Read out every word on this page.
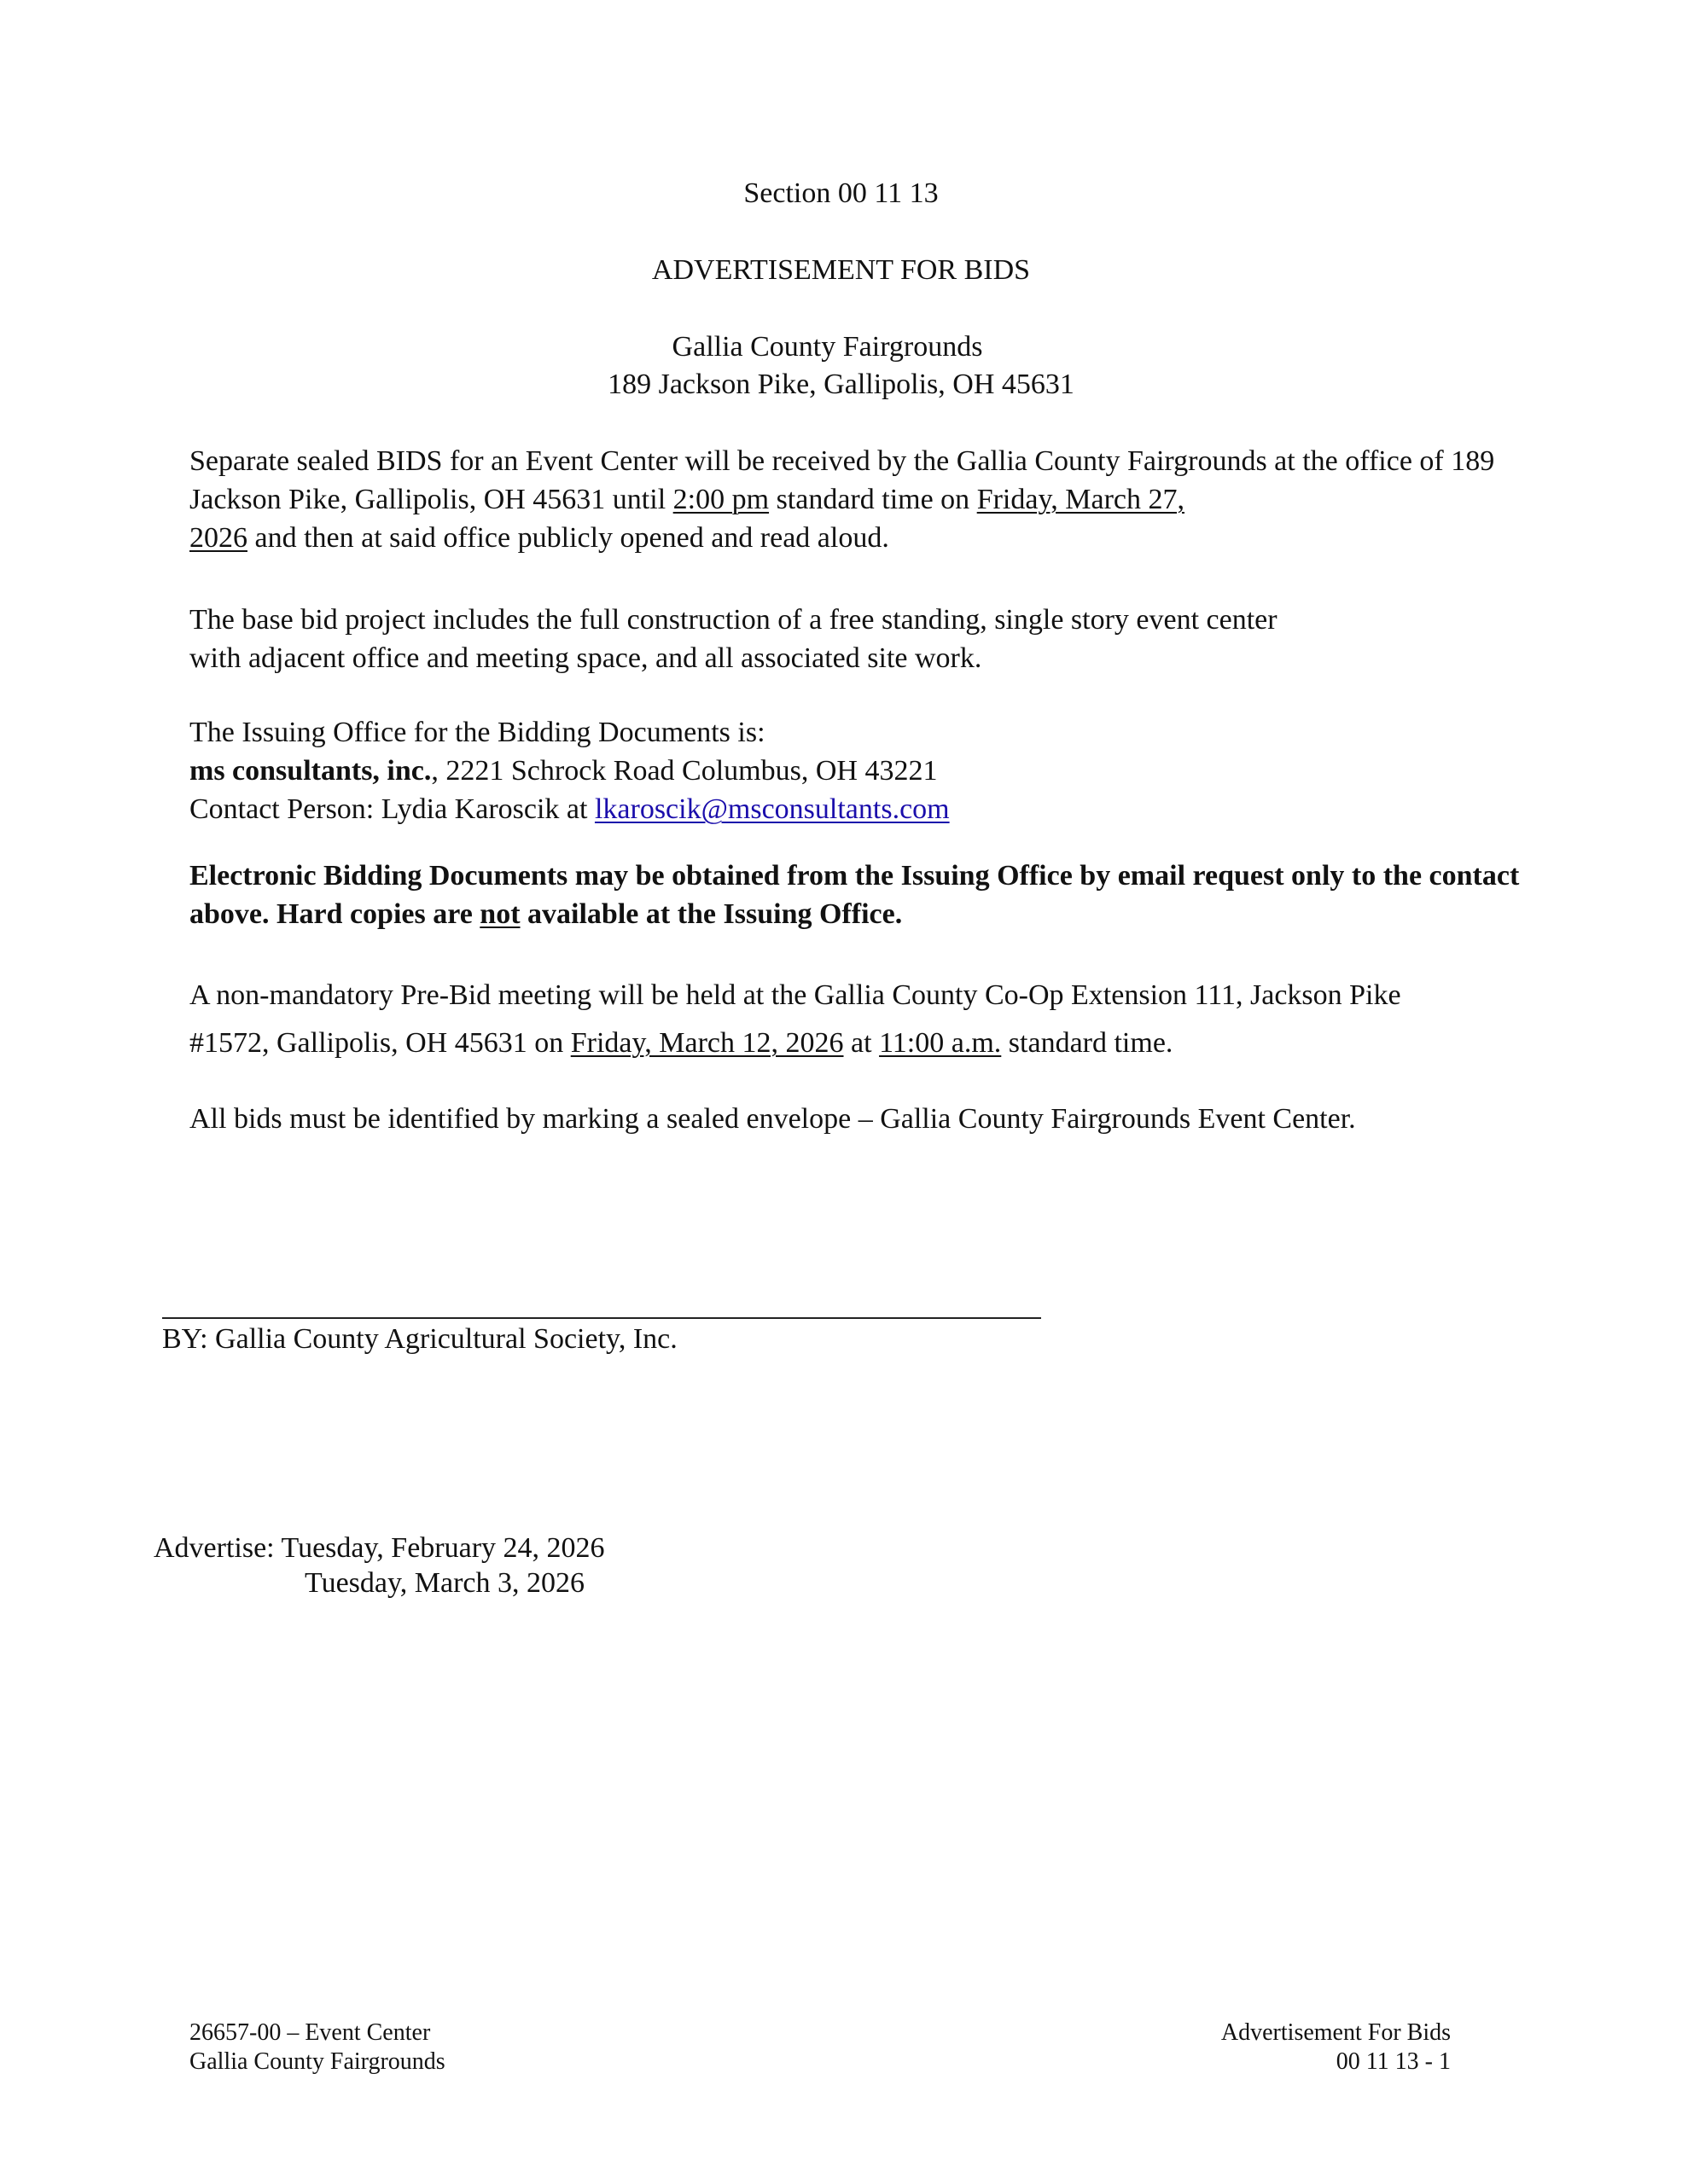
Section 00 11 13
ADVERTISEMENT FOR BIDS
Gallia County Fairgrounds
189 Jackson Pike, Gallipolis, OH 45631

Separate sealed BIDS for an Event Center will be received by the Gallia County Fairgrounds at the office of 189 Jackson Pike, Gallipolis, OH 45631 until 2:00 pm standard time on Friday, March 27,
2026 and then at said office publicly opened and read aloud.

The base bid project includes the full construction of a free standing, single story event center

with adjacent office and meeting space, and all associated site work.

The Issuing Office for the Bidding Documents is:

ms consultants, inc., 2221 Schrock Road Columbus, OH 43221

Contact Person: Lydia Karoscik at lkaroscik@msconsultants.com

Electronic Bidding Documents may be obtained from the Issuing Office by email request only to the contact above. Hard copies are not available at the Issuing Office.

A non-mandatory Pre-Bid meeting will be held at the Gallia County Co-Op Extension 111, Jackson Pike

#1572, Gallipolis, OH 45631 on Friday, March 12, 2026 at 11:00 a.m. standard time.

All bids must be identified by marking a sealed envelope – Gallia County Fairgrounds Event Center.

BY: Gallia County Agricultural Society, Inc.
Advertise: Tuesday, February 24, 2026
Tuesday, March 3, 2026
26657-00 – Event Center
Gallia County Fairgrounds
Advertisement For Bids
00 11 13 - 1
